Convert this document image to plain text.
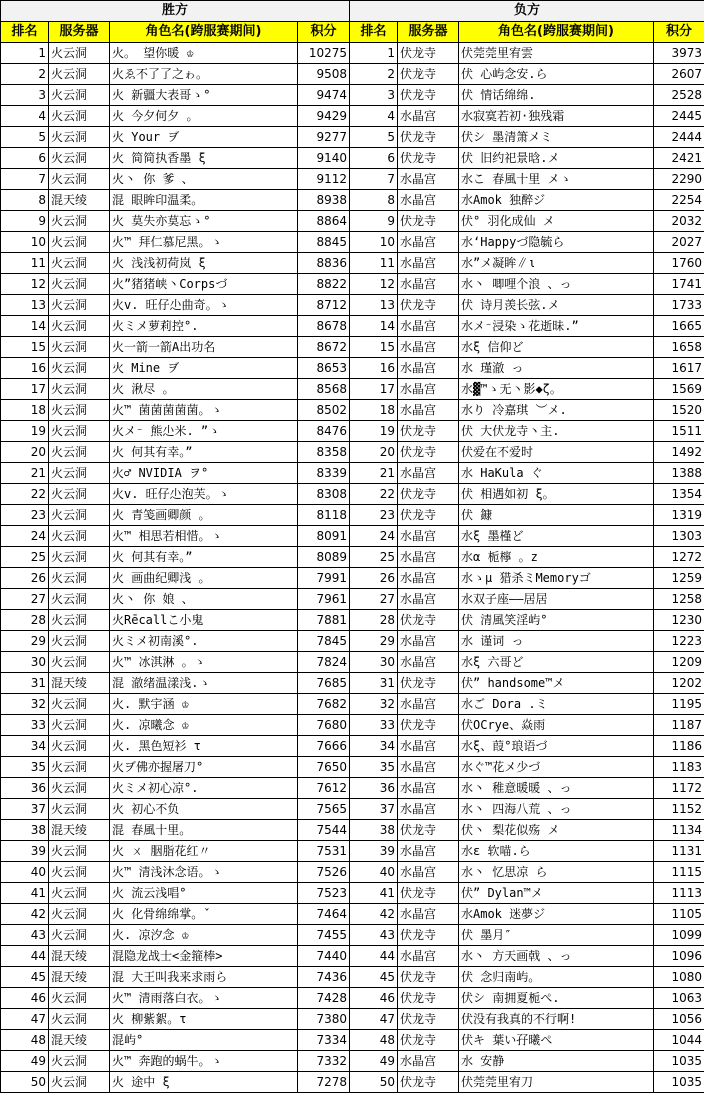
胜方			
排名	服务器	角色名(跨服赛期间)	积分
1	火云洞	火。 望你暖 ♔	10275
2	火云洞	火ゑ不了了之ゎ。	9508
3	火云洞	火 新疆大表哥ゝ°	9474
4	火云洞	火 今夕何夕 。	9429
5	火云洞	火 Your ヺ	9277
6	火云洞	火 简简执香墨 ξ	9140
7	火云洞	火丶 你 爹 、	9112
8	混天绫	混 眼眸印温柔。	8938
9	火云洞	火 莫失亦莫忘ゝ°	8864
10	火云洞	火™ 拜仁慕尼黑。ゝ	8845
11	火云洞	火 浅浅初荷岚 ξ	8836
12	火云洞	火”猪猪峡丶Corpsづ	8822
13	火云洞	火v. 旺仔尐曲奇。ゝ	8712
14	火云洞	火ミメ萝莉控°.	8678
15	火云洞	火一箭一箭A出功名	8672
16	火云洞	火 Mine ヺ	8653
17	火云洞	火 湫尽 。	8568
18	火云洞	火™ 菌菌菌菌菌。ゝ	8502
19	火云洞	火メ⁻ 熊尐米. ”ゝ	8476
20	火云洞	火 何其有幸。”	8358
21	火云洞	火♂ NVIDIA ヲ°	8339
22	火云洞	火v. 旺仔尐泡芙。ゝ	8308
23	火云洞	火 青笺画卿颜 。	8118
24	火云洞	火™ 相思若相惜。ゝ	8091
25	火云洞	火 何其有幸。”	8089
26	火云洞	火 画曲纪卿浅 。	7991
27	火云洞	火丶 你 娘 、	7961
28	火云洞	火Rēcallこ小鬼	7881
29	火云洞	火ミメ初南溪°.	7845
30	火云洞	火™ 冰淇淋 。ゝ	7824
31	混天绫	混 澈绪温漾浅.ゝ	7685
32	火云洞	火. 默宇涵 ♔	7682
33	火云洞	火. 凉曦念 ♔	7680
34	火云洞	火. 黑色短衫 τ	7666
35	火云洞	火ヺ佛亦握屠刀°	7650
36	火云洞	火ミメ初心凉°.	7612
37	火云洞	火 初心不负	7565
38	混天绫	混 春風十里。	7544
39	火云洞	火 ㄨ 胭脂花红〃	7531
40	火云洞	火™ 清浅沐念语。ゝ	7526
41	火云洞	火 流云浅唱°	7523
42	火云洞	火 化骨绵绵掌。ˇ	7464
43	火云洞	火. 凉汐念 ♔	7455
44	混天绫	混隐龙战士<金箍棒>	7440
45	混天绫	混 大王叫我来求雨ら	7436
46	火云洞	火™ 清雨落白衣。ゝ	7428
47	火云洞	火 柳紫絮。τ	7380
48	混天绫	混屿°	7334
49	火云洞	火™ 奔跑的蜗牛。ゝ	7332
50	火云洞	火 途中 ξ	7278
负方			
排名	服务器	角色名(跨服赛期间)	积分
1	伏龙寺	伏莞莞里宥雲	3973
2	伏龙寺	伏 心屿念安.ら	2607
3	伏龙寺	伏 情话绵绵.	2528
4	水晶宫	水寂寞若初·独残霜	2445
5	伏龙寺	伏シ 墨清箫メミ	2444
6	伏龙寺	伏 旧约祀景晗.メ	2421
7	水晶宫	水こ 春風十里 メゝ	2290
8	水晶宫	水Amok 独醉ジ	2254
9	伏龙寺	伏° 羽化成仙 メ	2032
10	水晶宫	水‘Happyづ隐毓ら	2027
11	水晶宫	水”メ凝眸∥ι	1760
12	水晶宫	水丶 唧哩个浪 、っ	1741
13	伏龙寺	伏 诗月羡长弦.メ	1733
14	水晶宫	水メ⁻浸染ゝ花逝昧.”	1665
15	水晶宫	水ξ 信仰ど	1658
16	水晶宫	水 瑾澈 っ	1617
17	水晶宫	水▓™ゝ无丶影◆ζ。	1569
18	水晶宫	水り 冷嘉琪 ︶メ.	1520
19	伏龙寺	伏 大伏龙寺丶主.	1511
20	伏龙寺	伏爱在不爱时	1492
21	水晶宫	水 HaKula ぐ	1388
22	伏龙寺	伏 相遇如初 ξ。	1354
23	伏龙寺	伏 鏮	1319
24	水晶宫	水ξ 墨槿ど	1303
25	水晶宫	水α 栀檸 。z	1272
26	水晶宫	水ゝμ 猎杀ミMemoryゴ	1259
27	水晶宫	水双子座——居居	1258
28	伏龙寺	伏 清風笑淫屿°	1230
29	水晶宫	水 谨词 っ	1223
30	水晶宫	水ξ 六哥ど	1209
31	伏龙寺	伏” handsome™メ	1202
32	水晶宫	水ご Dora .ミ	1195
33	伏龙寺	伏OCrye、焱雨	1187
34	水晶宫	水ξ、葭°琅语づ	1186
35	水晶宫	水ぐ™花メ少づ	1183
36	水晶宫	水丶 稚意暖暖 、っ	1172
37	水晶宫	水丶 四海八荒 、っ	1152
38	伏龙寺	伏丶 梨花似殇 メ	1134
39	水晶宫	水ε 软喵.ら	1131
40	水晶宫	水丶 忆思凉 ら	1115
41	伏龙寺	伏” Dylan™メ	1113
42	水晶宫	水Amok 迷夢ジ	1105
43	伏龙寺	伏 墨月″	1099
44	水晶宫	水丶 方天画戟 、っ	1096
45	伏龙寺	伏 念归南屿。	1080
46	伏龙寺	伏シ 南拥夏栀ぺ.	1063
47	伏龙寺	伏没有我真的不行啊!	1056
48	伏龙寺	伏キ 葉い孖曦ぺ	1044
49	水晶宫	水 安静	1035
50	伏龙寺	伏莞莞里宥刀	1035
